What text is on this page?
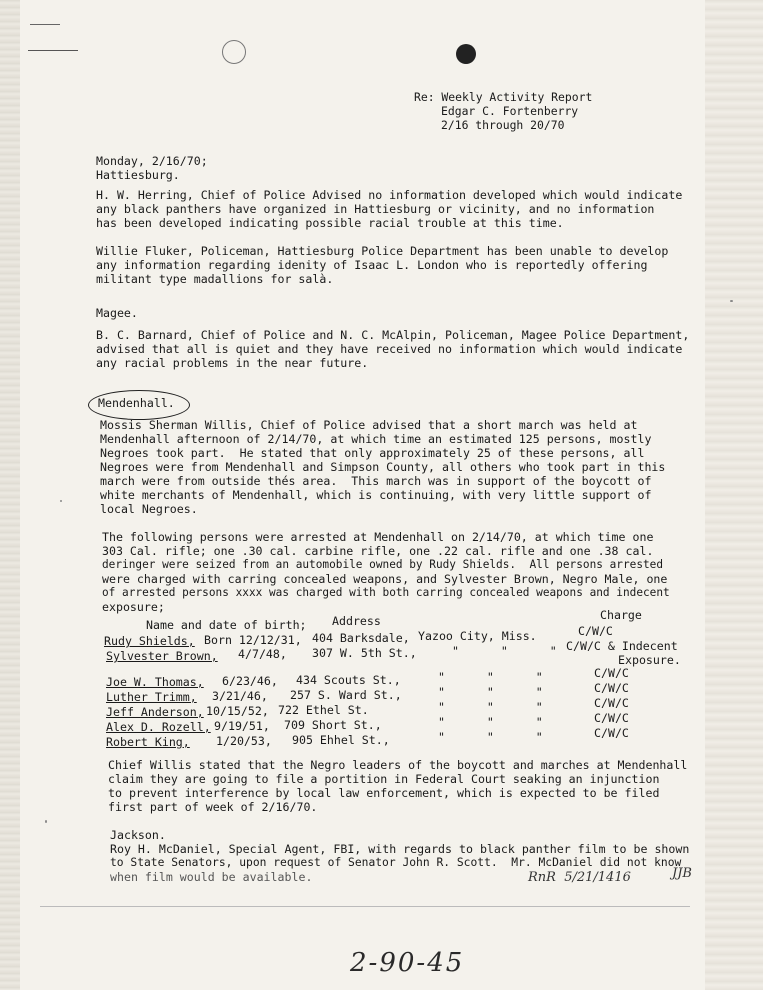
Re: Weekly Activity Report
Edgar C. Fortenberry
2/16 through 20/70
Monday, 2/16/70;
Hattiesburg.
H. W. Herring, Chief of Police Advised no information developed which would indicate
any black panthers have organized in Hattiesburg or vicinity, and no information
has been developed indicating possible racial trouble at this time.
Willie Fluker, Policeman, Hattiesburg Police Department has been unable to develop
any information regarding idenity of Isaac L. London who is reportedly offering
militant type madallions for salà.
Magee.
B. C. Barnard, Chief of Police and N. C. McAlpin, Policeman, Magee Police Department,
advised that all is quiet and they have received no information which would indicate
any racial problems in the near future.
Mendenhall.
Mossis Sherman Willis, Chief of Police advised that a short march was held at
Mendenhall afternoon of 2/14/70, at which time an estimated 125 persons, mostly
Negroes took part.  He stated that only approximately 25 of these persons, all
Negroes were from Mendenhall and Simpson County, all others who took part in this
march were from outside thés area.  This march was in support of the boycott of
white merchants of Mendenhall, which is continuing, with very little support of
local Negroes.
The following persons were arrested at Mendenhall on 2/14/70, at which time one
303 Cal. rifle; one .30 cal. carbine rifle, one .22 cal. rifle and one .38 cal.
deringer were seized from an automobile owned by Rudy Shields.  All persons arrested
were charged with carring concealed weapons, and Sylvester Brown, Negro Male, one
of arrested persons xxxx was charged with both carring concealed weapons and indecent
exposure;
Name and date of birth; Address	Charge
Rudy Shields, Born 12/12/31, 404 Barksdale, Yazoo City, Miss.	C/W/C
Sylvester Brown, 4/7/48, 307 W. 5th St.,	"      "      " C/W/C & Indecent
Exposure.
Joe W. Thomas, 6/23/46, 434 Scouts St.,	"      "      "	C/W/C
Luther Trimm, 3/21/46, 257 S. Ward St.,	"      "      "	C/W/C
Jeff Anderson, 10/15/52, 722 Ethel St.	"      "      "	C/W/C
Alex D. Rozell, 9/19/51, 709 Short St.,	"      "      "	C/W/C
Robert King, 1/20/53, 905 Ehhel St.,	"      "      "	C/W/C
Chief Willis stated that the Negro leaders of the boycott and marches at Mendenhall
claim they are going to file a portition in Federal Court seaking an injunction
to prevent interference by local law enforcement, which is expected to be filed
first part of week of 2/16/70.
Jackson.
Roy H. McDaniel, Special Agent, FBI, with regards to black panther film to be shown
to State Senators, upon request of Senator John R. Scott.  Mr. McDaniel did not know
when film would be available.	RnR  5/21/1416	JJB
2-90-45
